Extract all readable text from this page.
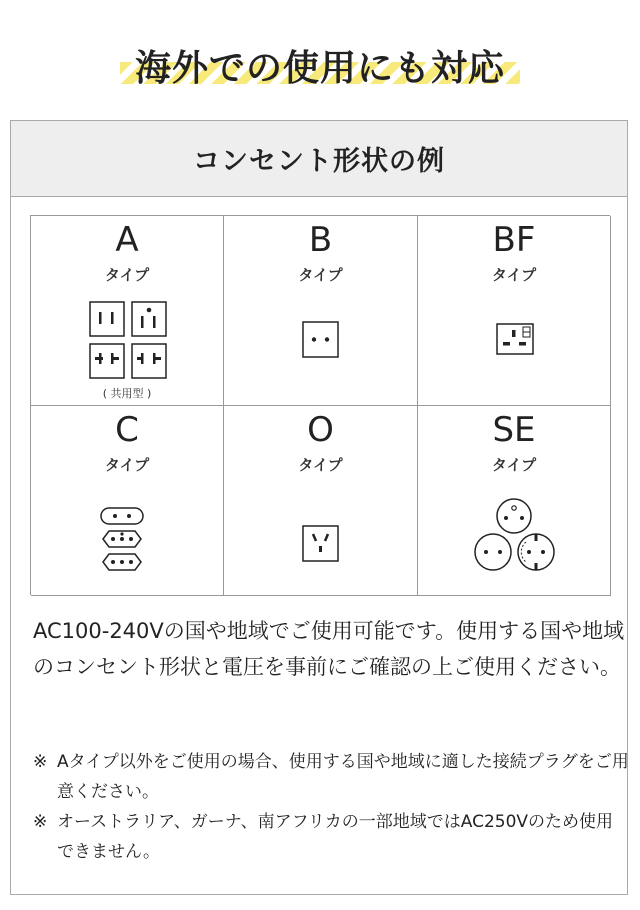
海外での使用にも対応
コンセント形状の例
A
タイプ
( 共用型 )
B
タイプ
BF
タイプ
C
タイプ
O
タイプ
SE
タイプ
AC100-240Vの国や地域でご使用可能です。使用する国や地域のコンセント形状と電圧を事前にご確認の上ご使用ください。
※ Aタイプ以外をご使用の場合、使用する国や地域に適した接続プラグをご用意ください。
※ オーストラリア、ガーナ、南アフリカの一部地域ではAC250Vのため使用できません。
